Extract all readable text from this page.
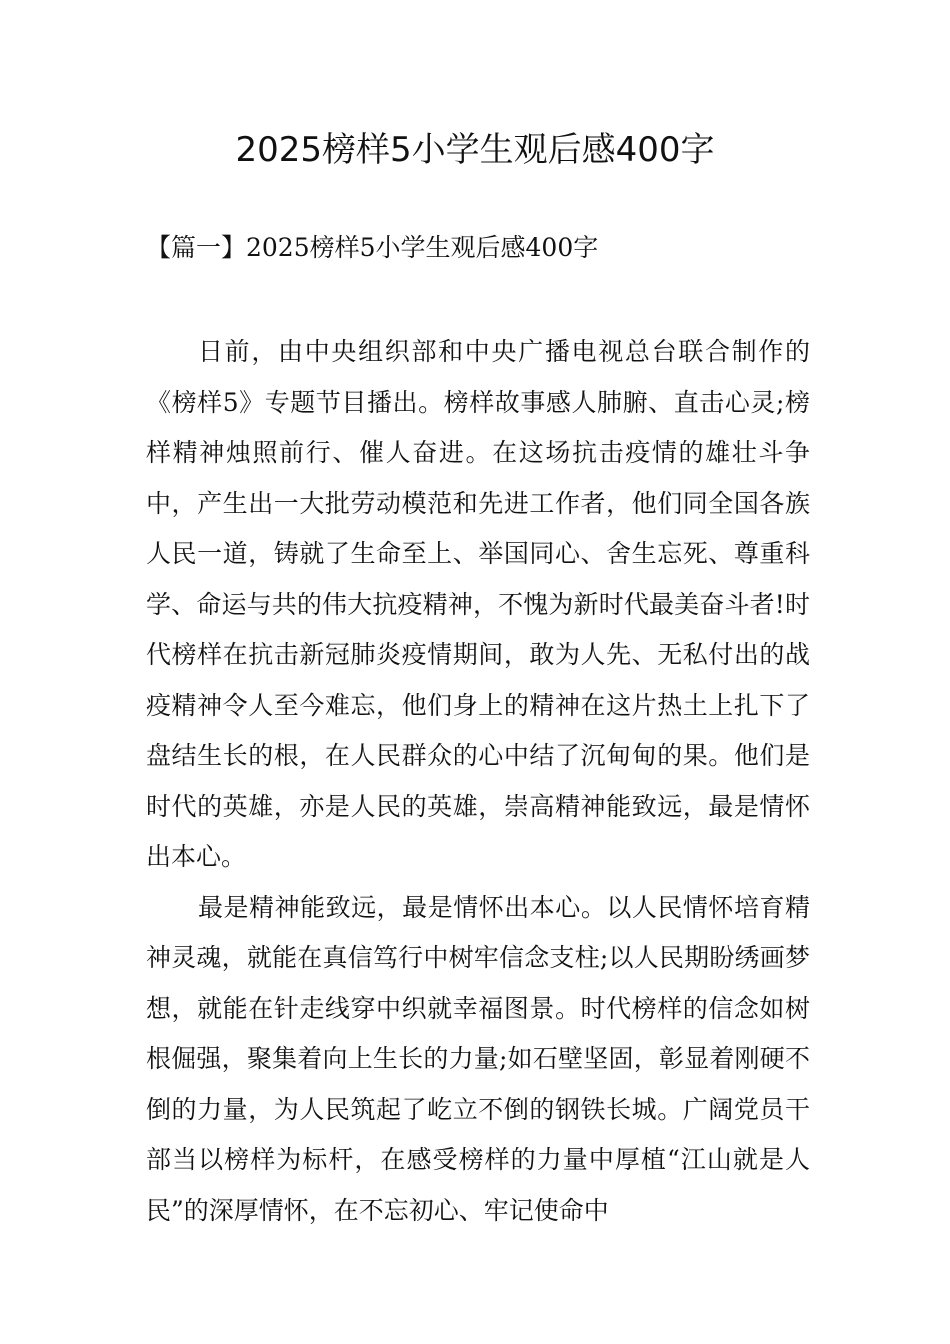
2025榜样5小学生观后感400字
【篇一】2025榜样5小学生观后感400字

日前，由中央组织部和中央广播电视总台联合制作的《榜样5》专题节目播出。榜样故事感人肺腑、直击心灵;榜样精神烛照前行、催人奋进。在这场抗击疫情的雄壮斗争中，产生出一大批劳动模范和先进工作者，他们同全国各族人民一道，铸就了生命至上、举国同心、舍生忘死、尊重科学、命运与共的伟大抗疫精神，不愧为新时代最美奋斗者!时代榜样在抗击新冠肺炎疫情期间，敢为人先、无私付出的战疫精神令人至今难忘，他们身上的精神在这片热土上扎下了盘结生长的根，在人民群众的心中结了沉甸甸的果。他们是时代的英雄，亦是人民的英雄，崇高精神能致远，最是情怀出本心。

最是精神能致远，最是情怀出本心。以人民情怀培育精神灵魂，就能在真信笃行中树牢信念支柱;以人民期盼绣画梦想，就能在针走线穿中织就幸福图景。时代榜样的信念如树根倔强，聚集着向上生长的力量;如石壁坚固，彰显着刚硬不倒的力量，为人民筑起了屹立不倒的钢铁长城。广阔党员干部当以榜样为标杆，在感受榜样的力量中厚植“江山就是人民”的深厚情怀，在不忘初心、牢记使命中
